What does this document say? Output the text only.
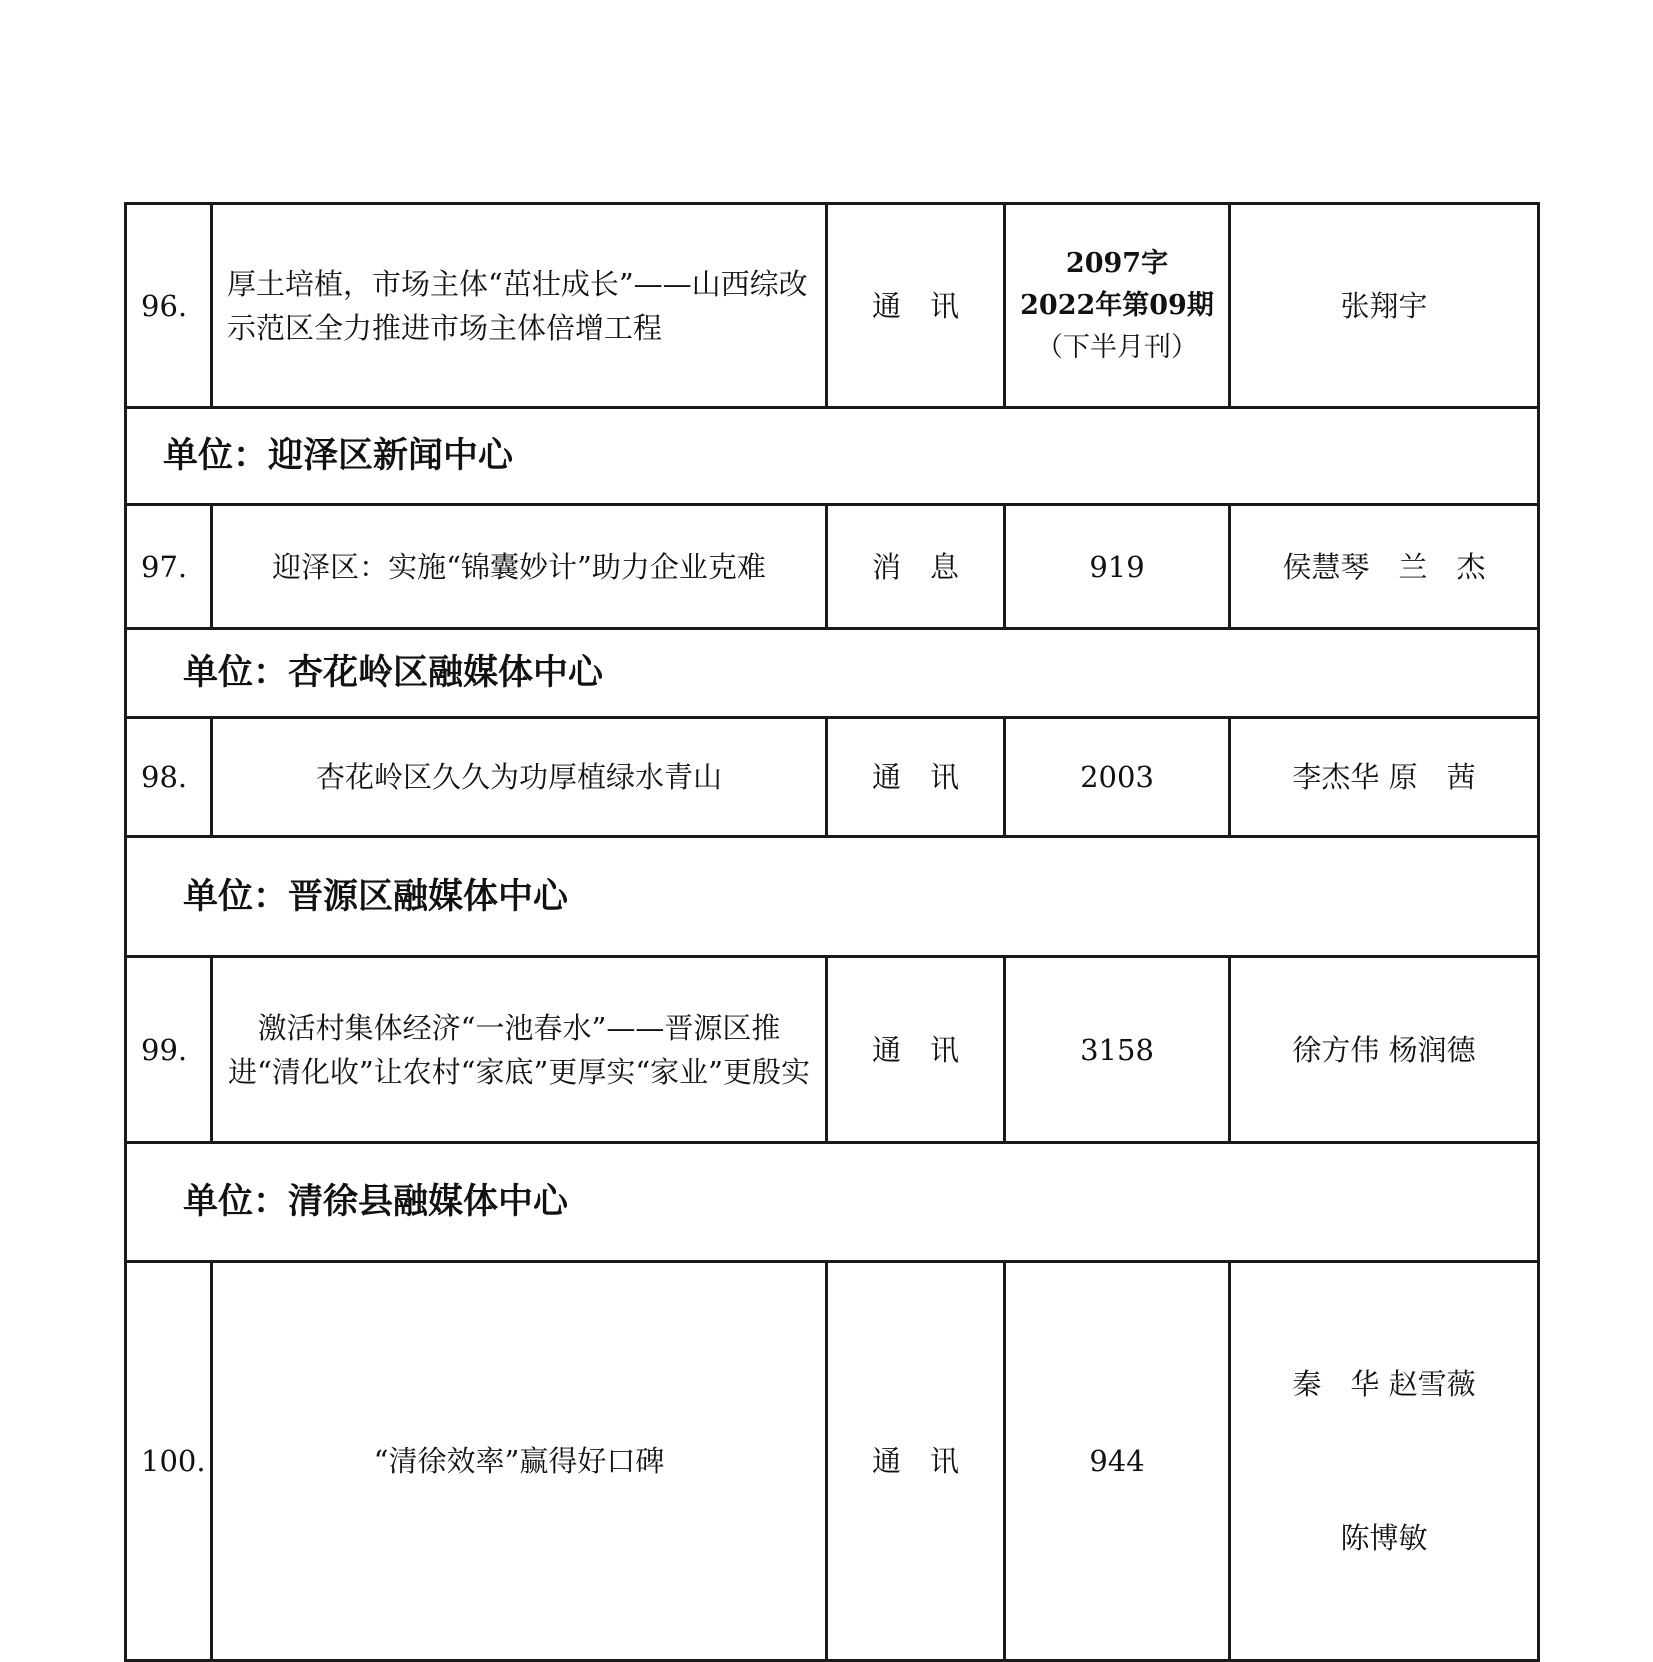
96.	厚土培植，市场主体“茁壮成长”——山西综改示范区全力推进市场主体倍增工程	通　讯	2097字
2022年第09期
（下半月刊）	张翔宇
单位：迎泽区新闻中心				
97.	迎泽区：实施“锦囊妙计”助力企业克难	消　息	919	侯慧琴　兰　杰
单位：杏花岭区融媒体中心				
98.	杏花岭区久久为功厚植绿水青山	通　讯	2003	李杰华 原　茜
单位：晋源区融媒体中心				
99.	激活村集体经济“一池春水”——晋源区推进“清化收”让农村“家底”更厚实“家业”更殷实	通　讯	3158	徐方伟 杨润德
单位：清徐县融媒体中心				
100.	“清徐效率”赢得好口碑	通　讯	944	秦　华 赵雪薇

陈博敏
